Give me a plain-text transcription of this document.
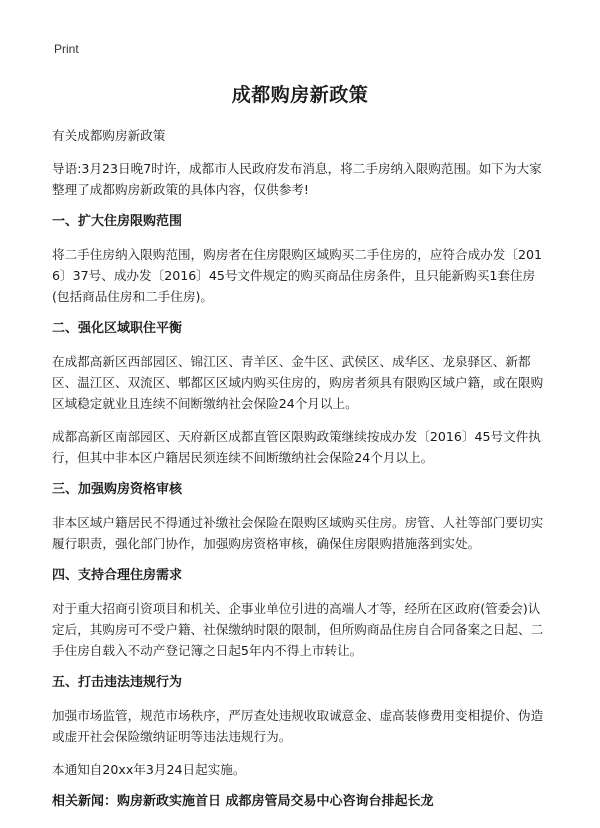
Print
成都购房新政策

有关成都购房新政策

导语:3月23日晚7时许，成都市人民政府发布消息，将二手房纳入限购范围。如下为大家整理了成都购房新政策的具体内容，仅供参考!

一、扩大住房限购范围

将二手住房纳入限购范围，购房者在住房限购区域购买二手住房的，应符合成办发〔2016〕37号、成办发〔2016〕45号文件规定的购买商品住房条件，且只能新购买1套住房(包括商品住房和二手住房)。

二、强化区域职住平衡

在成都高新区西部园区、锦江区、青羊区、金牛区、武侯区、成华区、龙泉驿区、新都区、温江区、双流区、郫都区区域内购买住房的，购房者须具有限购区域户籍，或在限购区域稳定就业且连续不间断缴纳社会保险24个月以上。

成都高新区南部园区、天府新区成都直管区限购政策继续按成办发〔2016〕45号文件执行，但其中非本区户籍居民须连续不间断缴纳社会保险24个月以上。

三、加强购房资格审核

非本区域户籍居民不得通过补缴社会保险在限购区域购买住房。房管、人社等部门要切实履行职责，强化部门协作，加强购房资格审核，确保住房限购措施落到实处。

四、支持合理住房需求

对于重大招商引资项目和机关、企事业单位引进的高端人才等，经所在区政府(管委会)认定后，其购房可不受户籍、社保缴纳时限的限制，但所购商品住房自合同备案之日起、二手住房自载入不动产登记簿之日起5年内不得上市转让。

五、打击违法违规行为

加强市场监管，规范市场秩序，严厉查处违规收取诚意金、虚高装修费用变相提价、伪造或虚开社会保险缴纳证明等违法违规行为。

本通知自20xx年3月24日起实施。

相关新闻：购房新政实施首日 成都房管局交易中心咨询台排起长龙
